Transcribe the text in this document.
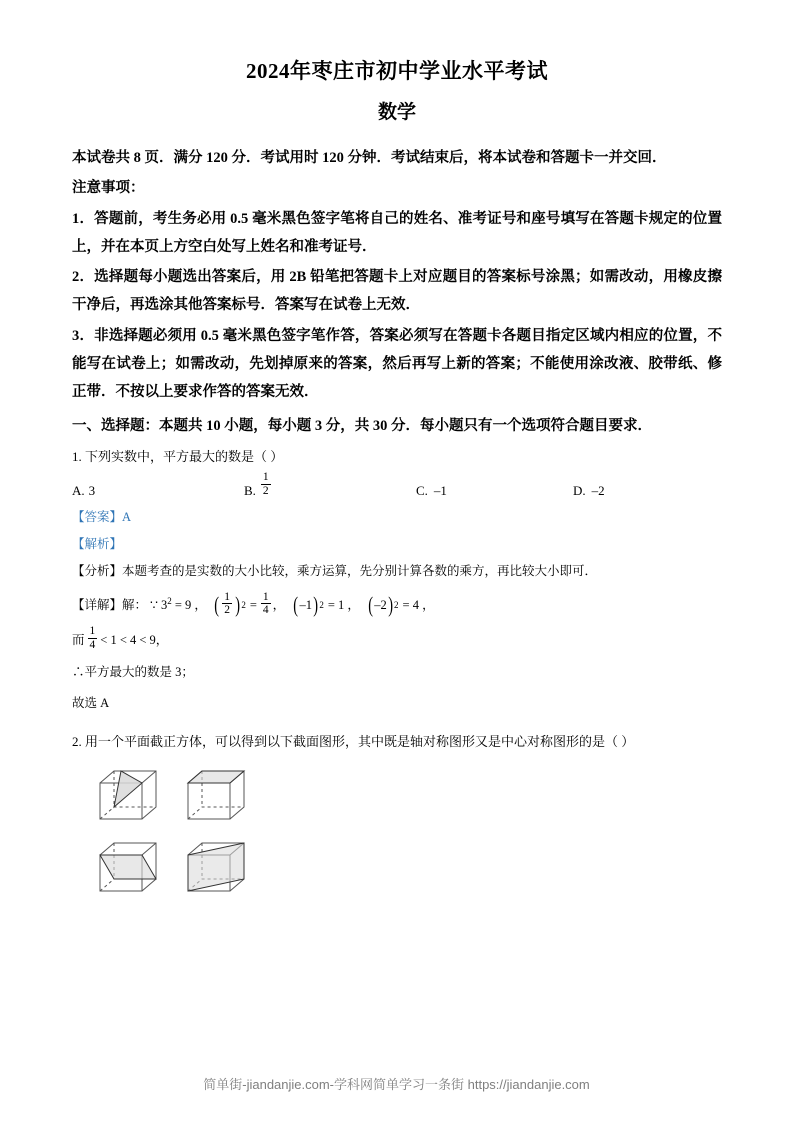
2024年枣庄市初中学业水平考试
数学

本试卷共 8 页．满分 120 分．考试用时 120 分钟．考试结束后，将本试卷和答题卡一并交回．

注意事项：

1．答题前，考生务必用 0.5 毫米黑色签字笔将自己的姓名、准考证号和座号填写在答题卡规定的位置上，并在本页上方空白处写上姓名和准考证号．

2．选择题每小题选出答案后，用 2B 铅笔把答题卡上对应题目的答案标号涂黑；如需改动，用橡皮擦干净后，再选涂其他答案标号．答案写在试卷上无效．

3．非选择题必须用 0.5 毫米黑色签字笔作答，答案必须写在答题卡各题目指定区域内相应的位置，不能写在试卷上；如需改动，先划掉原来的答案，然后再写上新的答案；不能使用涂改液、胶带纸、修正带．不按以上要求作答的答案无效．

一、选择题：本题共 10 小题，每小题 3 分，共 30 分．每小题只有一个选项符合题目要求．

1. 下列实数中，平方最大的数是（ ）

A. 3	B. $\frac{1}{2}$	C. –1	D. –2

【答案】A

【解析】

【分析】本题考查的是实数的大小比较，乘方运算，先分别计算各数的乘方，再比较大小即可．

【详解】 解： ∵ $3^2 = 9$ ， ( $\frac{1}{2}$ ) $2 = \frac{1}{4}$ ， ( –1 ) 2 = 1 ， ( –2 ) 2 = 4 ，
而 $\frac{1}{4} < 1 < 4 < 9$，

∴平方最大的数是 3；

故选 A

2. 用一个平面截正方体，可以得到以下截面图形，其中既是轴对称图形又是中心对称图形的是（ ）

简单街-jiandanjie.com-学科网简单学习一条街 https://jiandanjie.com
